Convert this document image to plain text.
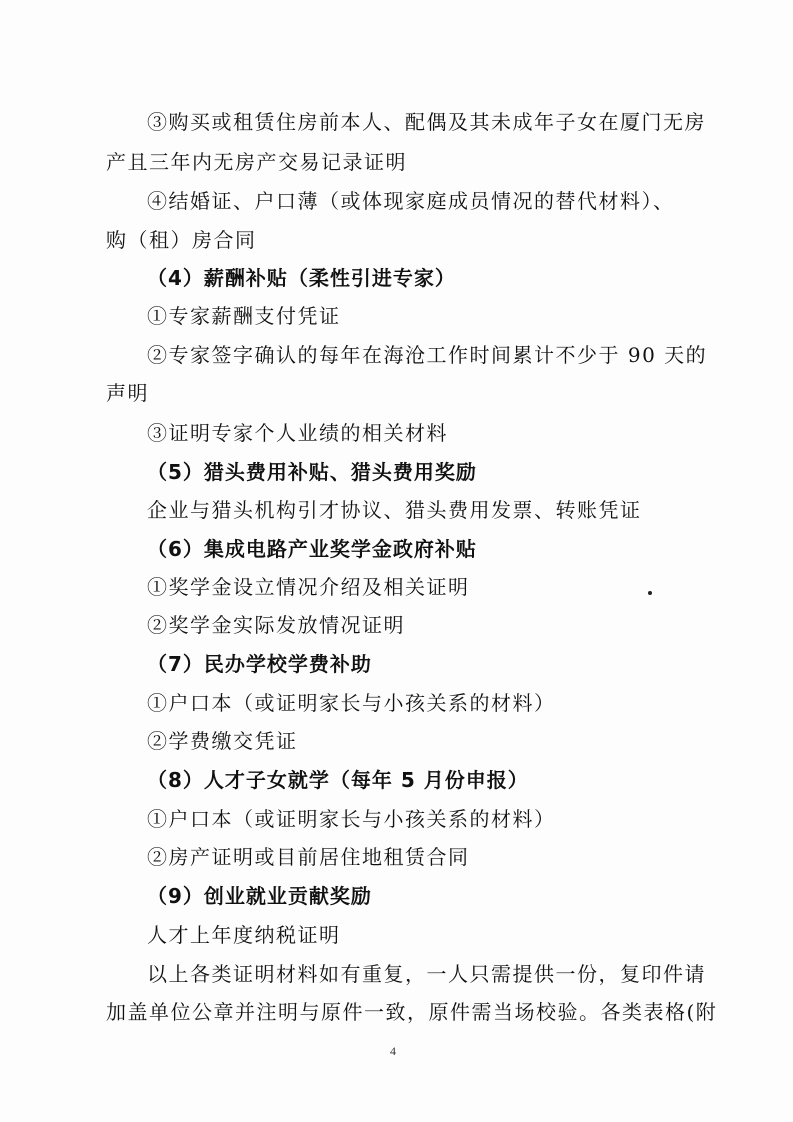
③购买或租赁住房前本人、配偶及其未成年子女在厦门无房
产且三年内无房产交易记录证明
④结婚证、户口薄（或体现家庭成员情况的替代材料）、
购（租）房合同
（4）薪酬补贴（柔性引进专家）
①专家薪酬支付凭证
②专家签字确认的每年在海沧工作时间累计不少于 90 天的
声明
③证明专家个人业绩的相关材料
（5）猎头费用补贴、猎头费用奖励
企业与猎头机构引才协议、猎头费用发票、转账凭证
（6）集成电路产业奖学金政府补贴
①奖学金设立情况介绍及相关证明
②奖学金实际发放情况证明
（7）民办学校学费补助
①户口本（或证明家长与小孩关系的材料）
②学费缴交凭证
（8）人才子女就学（每年 5 月份申报）
①户口本（或证明家长与小孩关系的材料）
②房产证明或目前居住地租赁合同
（9）创业就业贡献奖励
人才上年度纳税证明
以上各类证明材料如有重复，一人只需提供一份，复印件请
加盖单位公章并注明与原件一致，原件需当场校验。各类表格(附
4
